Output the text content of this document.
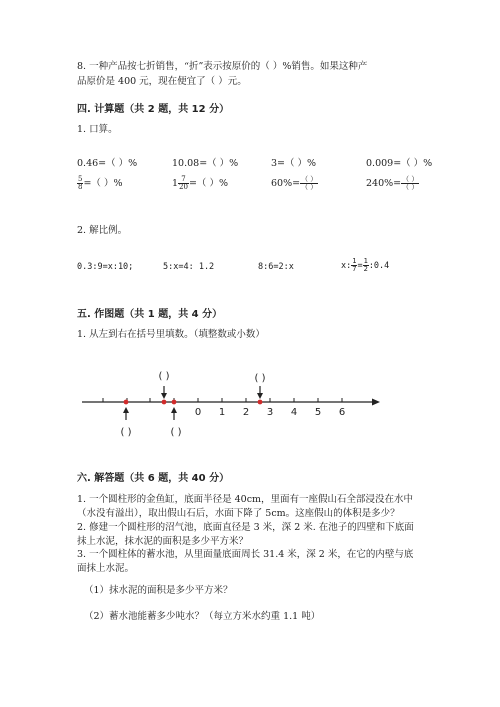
8. 一种产品按七折销售，“折”表示按原价的（ ）%销售。如果这种产
品原价是 400 元，现在便宜了（ ）元。
四. 计算题（共 2 题，共 12 分）
1. 口算。
0.46=（ ）%	10.08=（ ）%	3=（ ）%	0.009=（ ）%
$\frac{5}{8}$ =（ ）%	$1 \frac{7}{20}$ =（ ）%	$60\%= \frac{( )}{( )}$	$240\%= \frac{( )}{( )}$
2. 解比例。
0.3:9=x:10;	5:x=4: 1.2	8:6=2:x	x: $\frac{1}{7} = \frac{1}{2}$ :0.4
五. 作图题（共 1 题，共 4 分）
1. 从左到右在括号里填数。（填整数或小数）
0 1 2 3 4 5 6
( )	( )
( )	( )
六. 解答题（共 6 题，共 40 分）
1. 一个圆柱形的金鱼缸，底面半径是 40cm，里面有一座假山石全部浸没在水中
（水没有溢出），取出假山石后，水面下降了 5cm。这座假山的体积是多少？
2. 修建一个圆柱形的沼气池，底面直径是 3 米，深 2 米. 在池子的四壁和下底面
抹上水泥，抹水泥的面积是多少平方米？
3. 一个圆柱体的蓄水池，从里面量底面周长 31.4 米，深 2 米，在它的内壁与底
面抹上水泥。
（1）抹水泥的面积是多少平方米？
（2）蓄水池能蓄多少吨水？（每立方米水约重 1.1 吨）
